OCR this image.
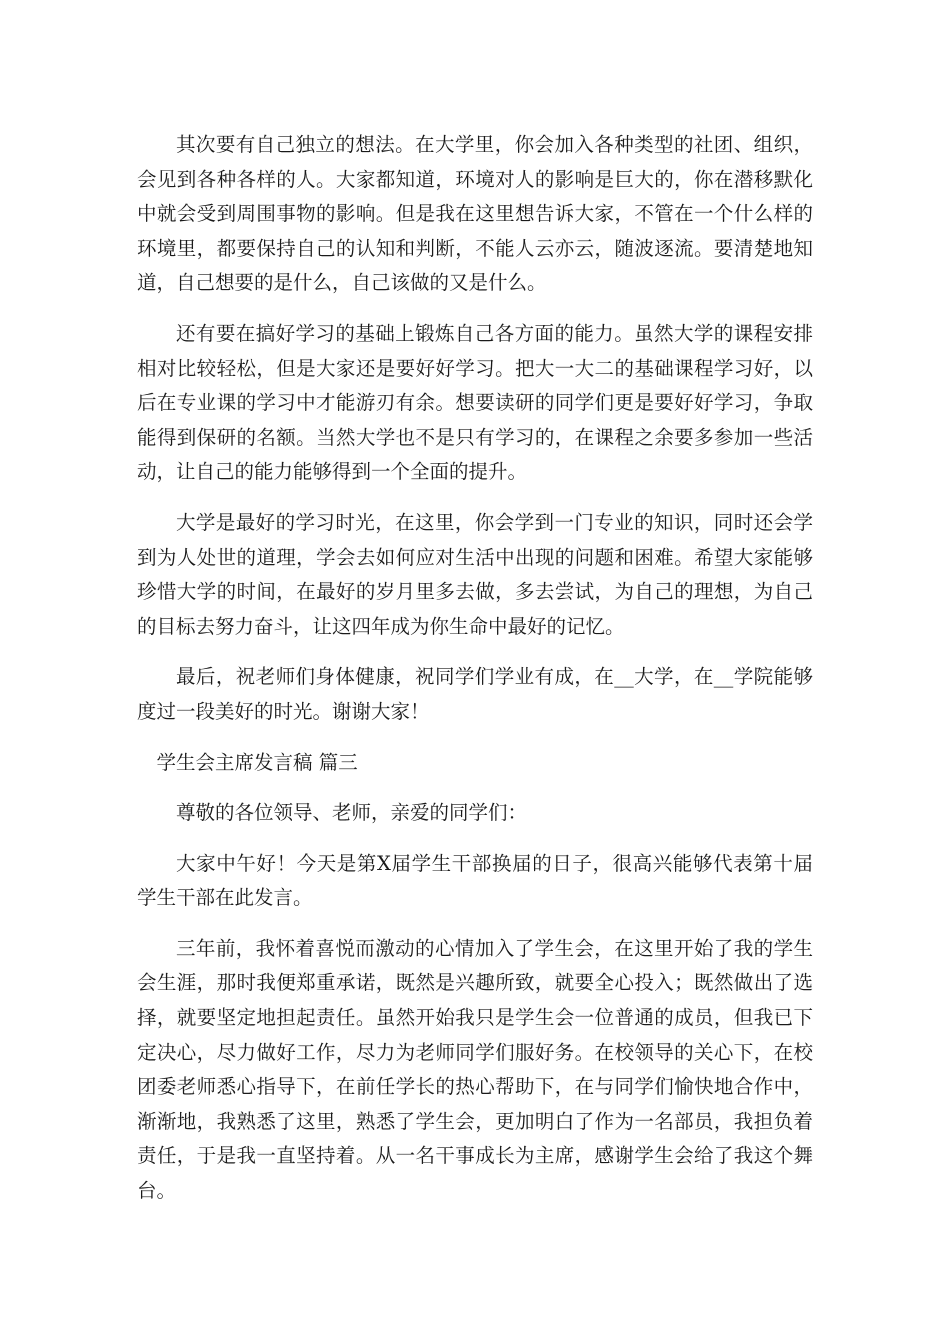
其次要有自己独立的想法。在大学里，你会加入各种类型的社团、组织，会见到各种各样的人。大家都知道，环境对人的影响是巨大的，你在潜移默化中就会受到周围事物的影响。但是我在这里想告诉大家，不管在一个什么样的环境里，都要保持自己的认知和判断，不能人云亦云，随波逐流。要清楚地知道，自己想要的是什么，自己该做的又是什么。

还有要在搞好学习的基础上锻炼自己各方面的能力。虽然大学的课程安排相对比较轻松，但是大家还是要好好学习。把大一大二的基础课程学习好，以后在专业课的学习中才能游刃有余。想要读研的同学们更是要好好学习，争取能得到保研的名额。当然大学也不是只有学习的，在课程之余要多参加一些活动，让自己的能力能够得到一个全面的提升。

大学是最好的学习时光，在这里，你会学到一门专业的知识，同时还会学到为人处世的道理，学会去如何应对生活中出现的问题和困难。希望大家能够珍惜大学的时间，在最好的岁月里多去做，多去尝试，为自己的理想，为自己的目标去努力奋斗，让这四年成为你生命中最好的记忆。

最后，祝老师们身体健康，祝同学们学业有成，在__大学，在__学院能够度过一段美好的时光。谢谢大家！

学生会主席发言稿 篇三

尊敬的各位领导、老师，亲爱的同学们：

大家中午好！今天是第X届学生干部换届的日子，很高兴能够代表第十届学生干部在此发言。

三年前，我怀着喜悦而激动的心情加入了学生会，在这里开始了我的学生会生涯，那时我便郑重承诺，既然是兴趣所致，就要全心投入；既然做出了选择，就要坚定地担起责任。虽然开始我只是学生会一位普通的成员，但我已下定决心，尽力做好工作，尽力为老师同学们服好务。在校领导的关心下，在校团委老师悉心指导下，在前任学长的热心帮助下，在与同学们愉快地合作中，渐渐地，我熟悉了这里，熟悉了学生会，更加明白了作为一名部员，我担负着责任，于是我一直坚持着。从一名干事成长为主席，感谢学生会给了我这个舞台。
